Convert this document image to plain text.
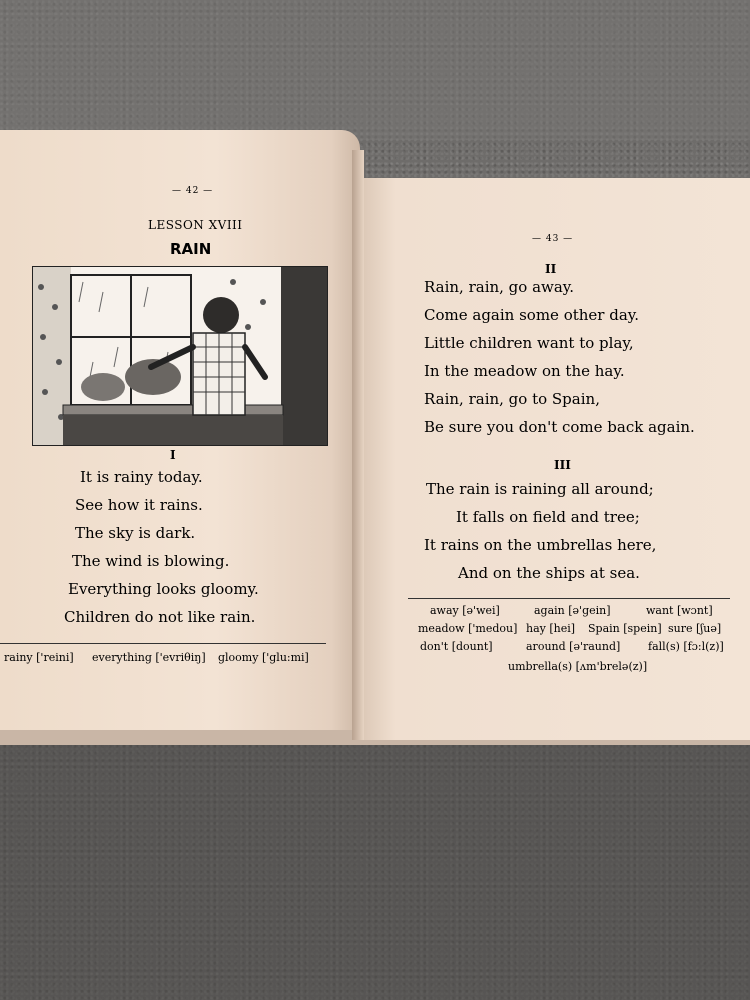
— 42 —
LESSON XVIII
RAIN
I
It is rainy today.
See how it rains.
The sky is dark.
The wind is blowing.
Everything looks gloomy.
Children do not like rain.
rainy ['reini] everything ['evriθiŋ] gloomy ['glu:mi]
— 43 —
II
Rain, rain, go away.
Come again some other day.
Little children want to play,
In the meadow on the hay.
Rain, rain, go to Spain,
Be sure you don't come back again.
III
The rain is raining all around;
It falls on field and tree;
It rains on the umbrellas here,
And on the ships at sea.
away [ə'wei]	again [ə'gein]	want [wɔnt]
meadow ['medou] hay [hei] Spain [spein] sure [ʃuə]
don't [dount]	around [ə'raund]	fall(s) [fɔ:l(z)]
umbrella(s) [ʌm'brelə(z)]
